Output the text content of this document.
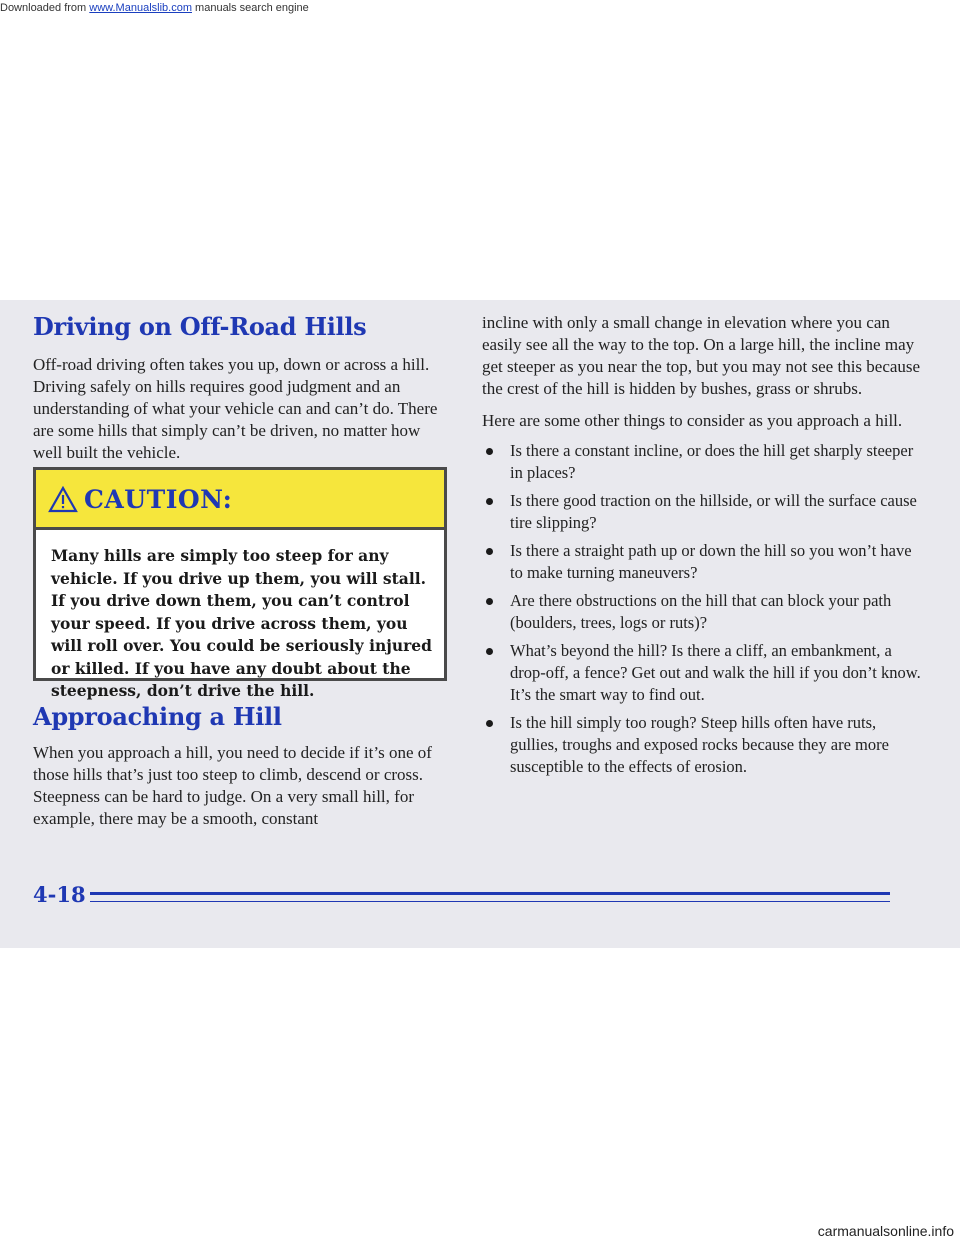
Downloaded from www.Manualslib.com manuals search engine
Driving on Off-Road Hills

Off-road driving often takes you up, down or across a hill. Driving safely on hills requires good judgment and an understanding of what your vehicle can and can’t do. There are some hills that simply can’t be driven, no matter how well built the vehicle.

CAUTION:
Many hills are simply too steep for any vehicle. If you drive up them, you will stall. If you drive down them, you can’t control your speed. If you drive across them, you will roll over. You could be seriously injured or killed. If you have any doubt about the steepness, don’t drive the hill.
Approaching a Hill

When you approach a hill, you need to decide if it’s one of those hills that’s just too steep to climb, descend or cross. Steepness can be hard to judge. On a very small hill, for example, there may be a smooth, constant

incline with only a small change in elevation where you can easily see all the way to the top. On a large hill, the incline may get steeper as you near the top, but you may not see this because the crest of the hill is hidden by bushes, grass or shrubs.

Here are some other things to consider as you approach a hill.

Is there a constant incline, or does the hill get sharply steeper in places?
Is there good traction on the hillside, or will the surface cause tire slipping?
Is there a straight path up or down the hill so you won’t have to make turning maneuvers?
Are there obstructions on the hill that can block your path (boulders, trees, logs or ruts)?
What’s beyond the hill? Is there a cliff, an embankment, a drop-off, a fence? Get out and walk the hill if you don’t know. It’s the smart way to find out.
Is the hill simply too rough? Steep hills often have ruts, gullies, troughs and exposed rocks because they are more susceptible to the effects of erosion.
4-18
carmanualsonline.info
